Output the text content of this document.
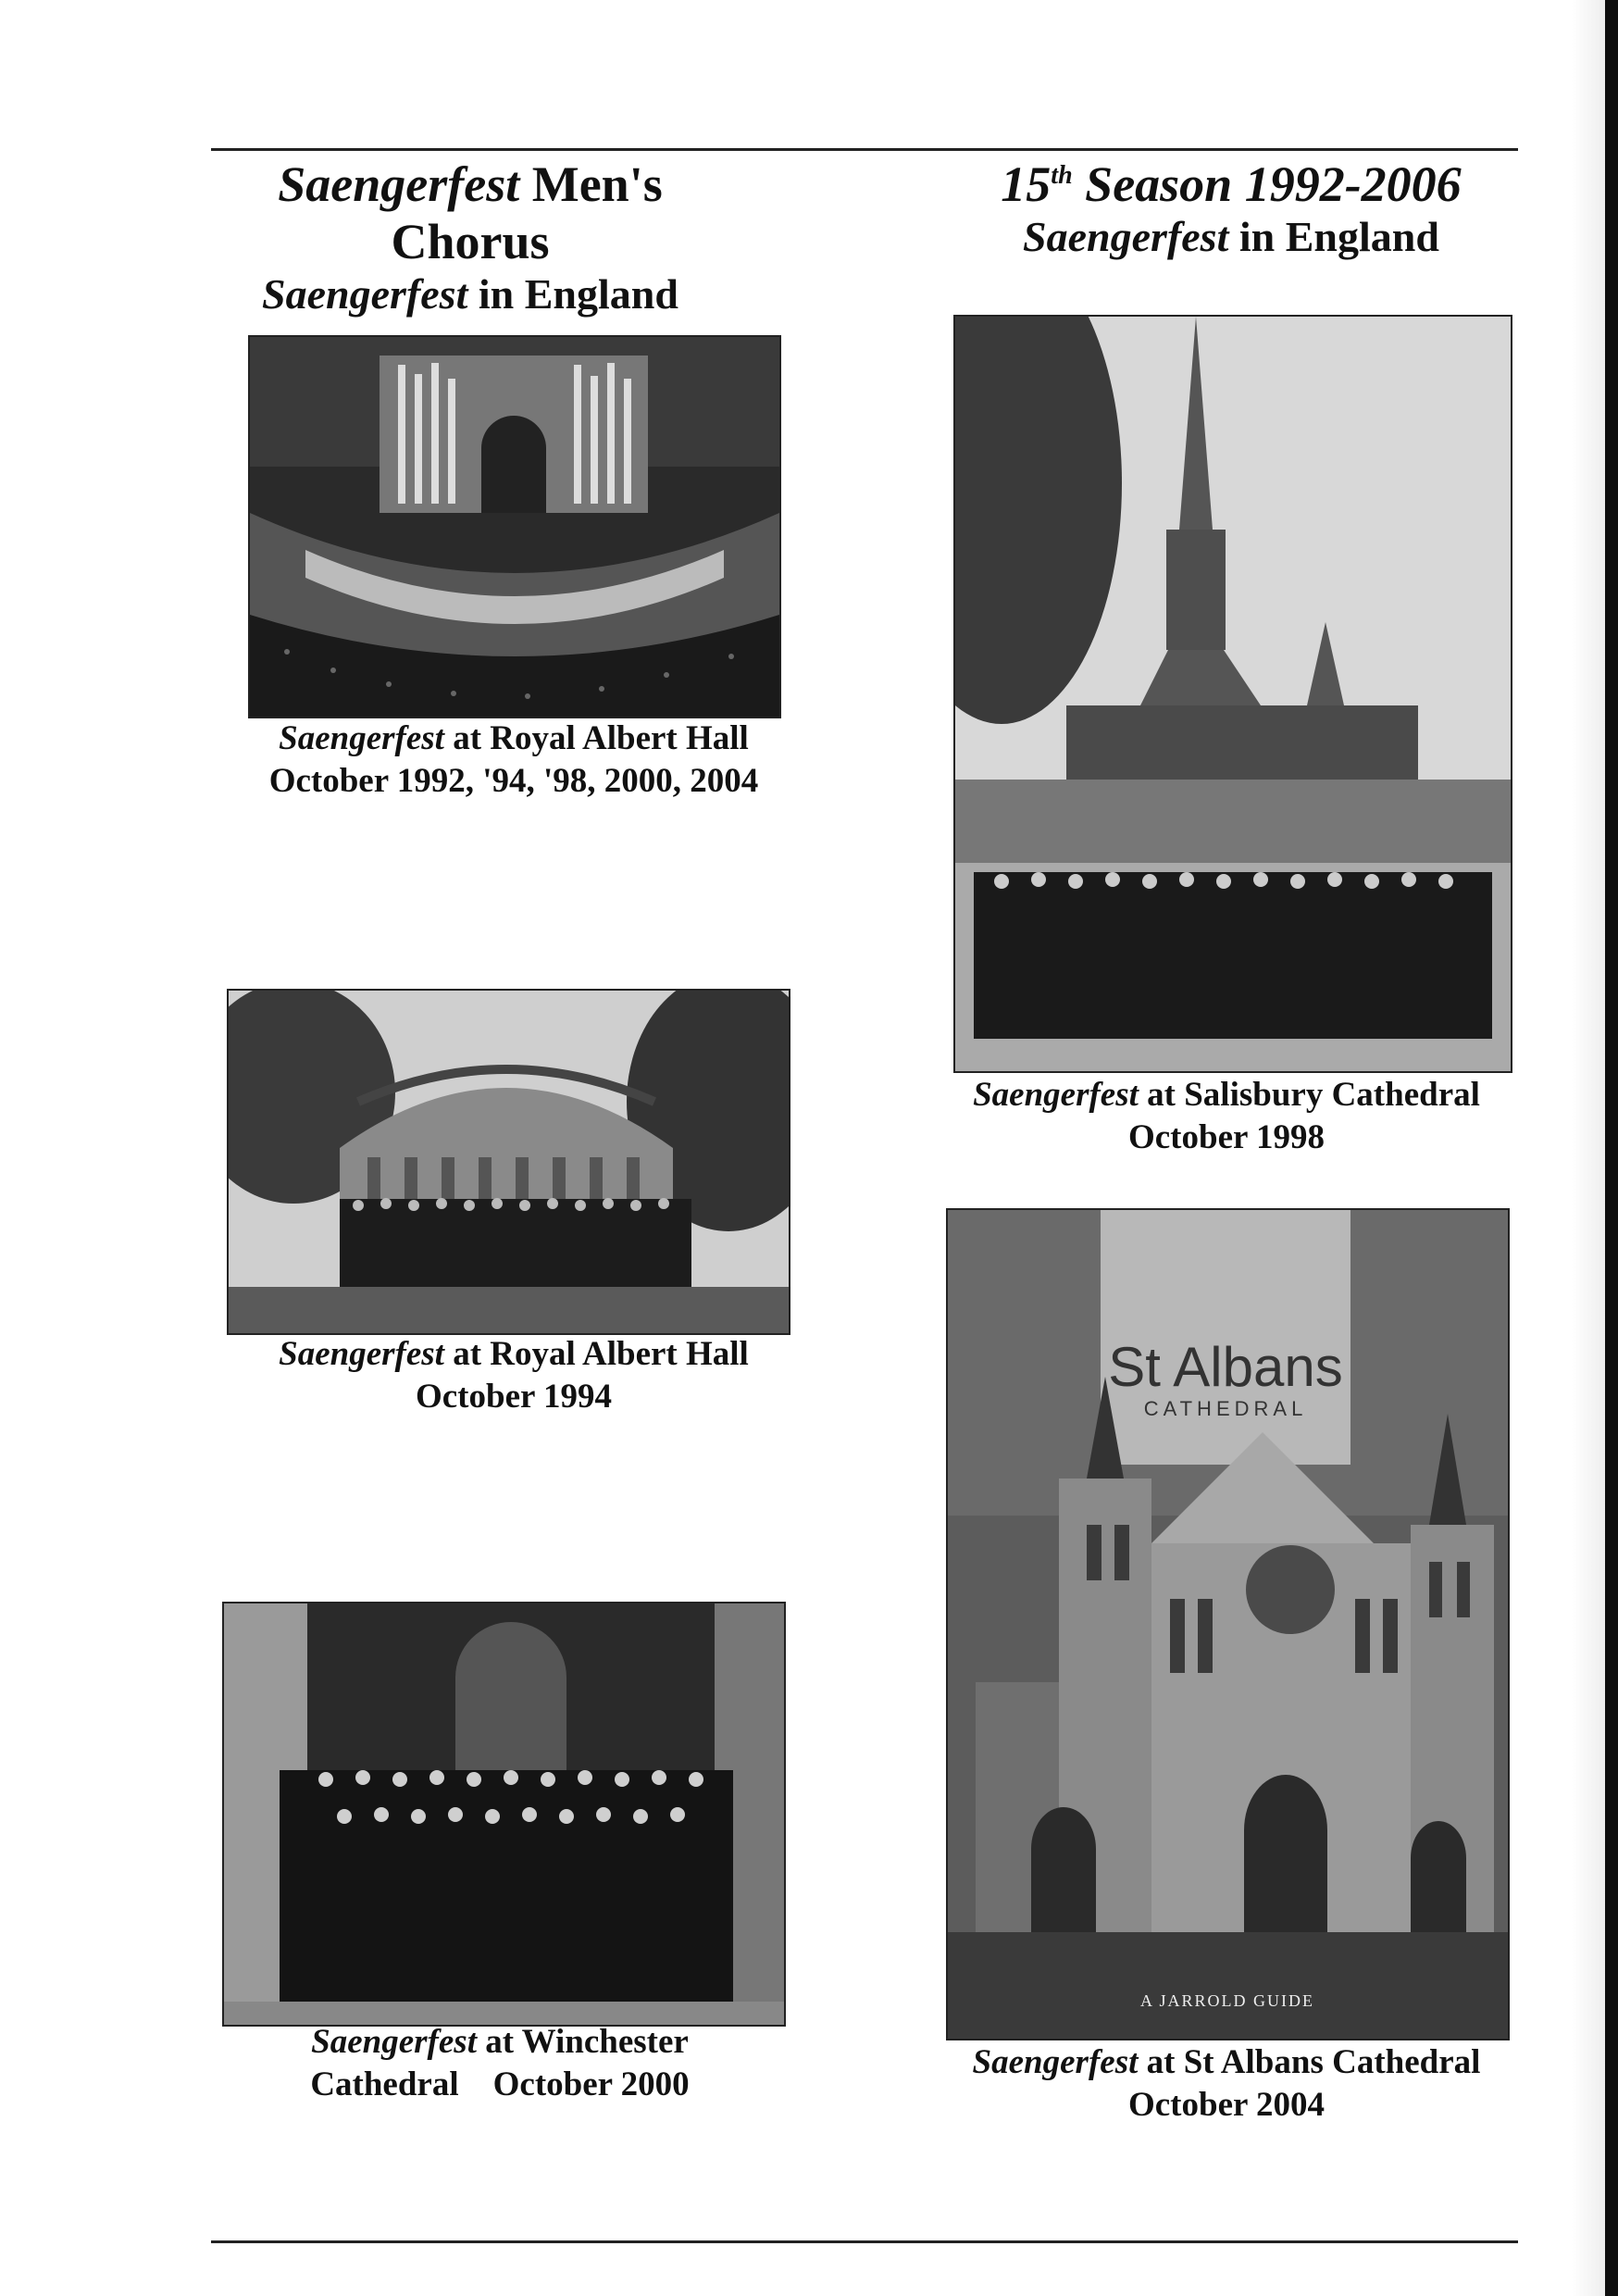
Saengerfest Men's Chorus
Saengerfest in England
15th Season 1992-2006
Saengerfest in England
Saengerfest at Royal Albert Hall
October 1992, '94, '98, 2000, 2004
Saengerfest at Royal Albert Hall
October 1994
Saengerfest at Winchester
Cathedral    October 2000
Saengerfest at Salisbury Cathedral
October 1998
St Albans
CATHEDRAL
A JARROLD GUIDE
Saengerfest at St Albans Cathedral
October 2004
